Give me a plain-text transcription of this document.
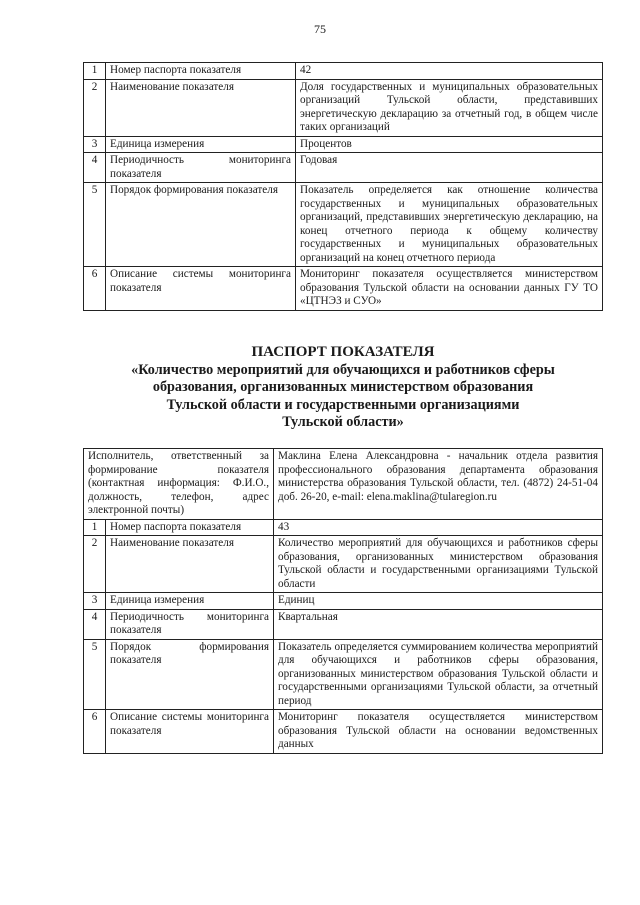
75
1	Номер паспорта показателя	42
2	Наименование показателя	Доля государственных и муниципальных образовательных организаций Тульской области, представивших энергетическую декларацию за отчетный год, в общем числе таких организаций
3	Единица измерения	Процентов
4	Периодичность мониторинга показателя	Годовая
5	Порядок формирования показателя	Показатель определяется как отношение количества государственных и муниципальных образовательных организаций, представивших энергетическую декларацию, на конец отчетного периода к общему количеству государственных и муниципальных образовательных организаций на конец отчетного периода
6	Описание системы мониторинга показателя	Мониторинг показателя осуществляется министерством образования Тульской области на основании данных ГУ ТО «ЦТНЭЗ и СУО»
ПАСПОРТ ПОКАЗАТЕЛЯ
«Количество мероприятий для обучающихся и работников сферы
образования, организованных министерством образования
Тульской области и государственными организациями
Тульской области»
Исполнитель, ответственный за формирование показателя (контактная информация: Ф.И.О., должность, телефон, адрес электронной почты)		Маклина Елена Александровна - начальник отдела развития профессионального образования департамента образования министерства образования Тульской области, тел. (4872) 24-51-04 доб. 26-20, e-mail: elena.maklina@tularegion.ru
1	Номер паспорта показателя	43
2	Наименование показателя	Количество мероприятий для обучающихся и работников сферы образования, организованных министерством образования Тульской области и государственными организациями Тульской области
3	Единица измерения	Единиц
4	Периодичность мониторинга показателя	Квартальная
5	Порядок формирования показателя	Показатель определяется суммированием количества мероприятий для обучающихся и работников сферы образования, организованных министерством образования Тульской области и государственными организациями Тульской области, за отчетный период
6	Описание системы мониторинга показателя	Мониторинг показателя осуществляется министерством образования Тульской области на основании ведомственных данных
